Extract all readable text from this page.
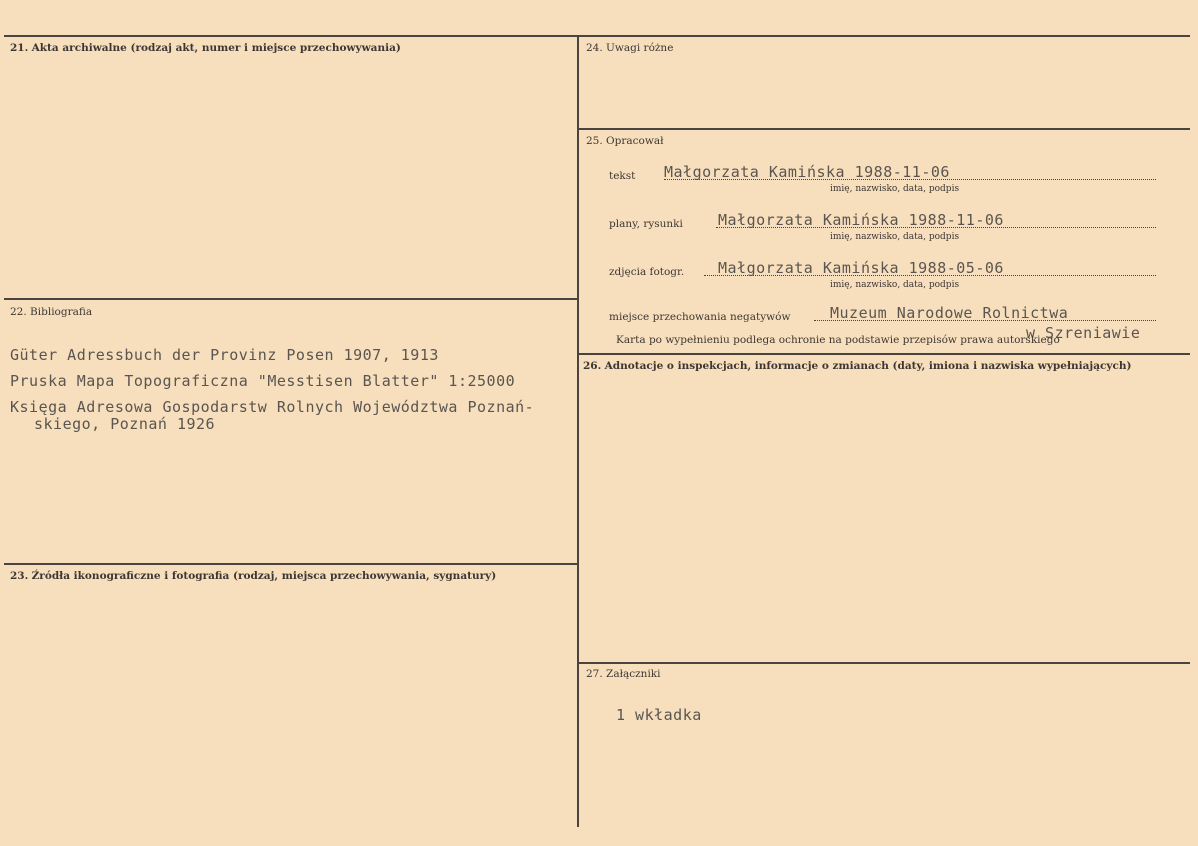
21. Akta archiwalne (rodzaj akt, numer i miejsce przechowywania)
22. Bibliografia
Güter Adressbuch der Provinz Posen 1907, 1913
Pruska Mapa Topograficzna "Messtisen Blatter" 1:25000
Księga Adresowa Gospodarstw Rolnych Województwa Poznań-
skiego, Poznań 1926
23. Źródła ikonograficzne i fotografia (rodzaj, miejsca przechowywania, sygnatury)
24. Uwagi różne
25. Opracował
tekst Małgorzata Kamińska 1988-11-06
imię, nazwisko, data, podpis
plany, rysunki Małgorzata Kamińska 1988-11-06
imię, nazwisko, data, podpis
zdjęcia fotogr. Małgorzata Kamińska 1988-05-06
imię, nazwisko, data, podpis
miejsce przechowania negatywów	Muzeum Narodowe Rolnictwa
w Szreniawie
Karta po wypełnieniu podlega ochronie na podstawie przepisów prawa autorskiego
26. Adnotacje o inspekcjach, informacje o zmianach (daty, imiona i nazwiska wypełniających)
27. Załączniki
1 wkładka
